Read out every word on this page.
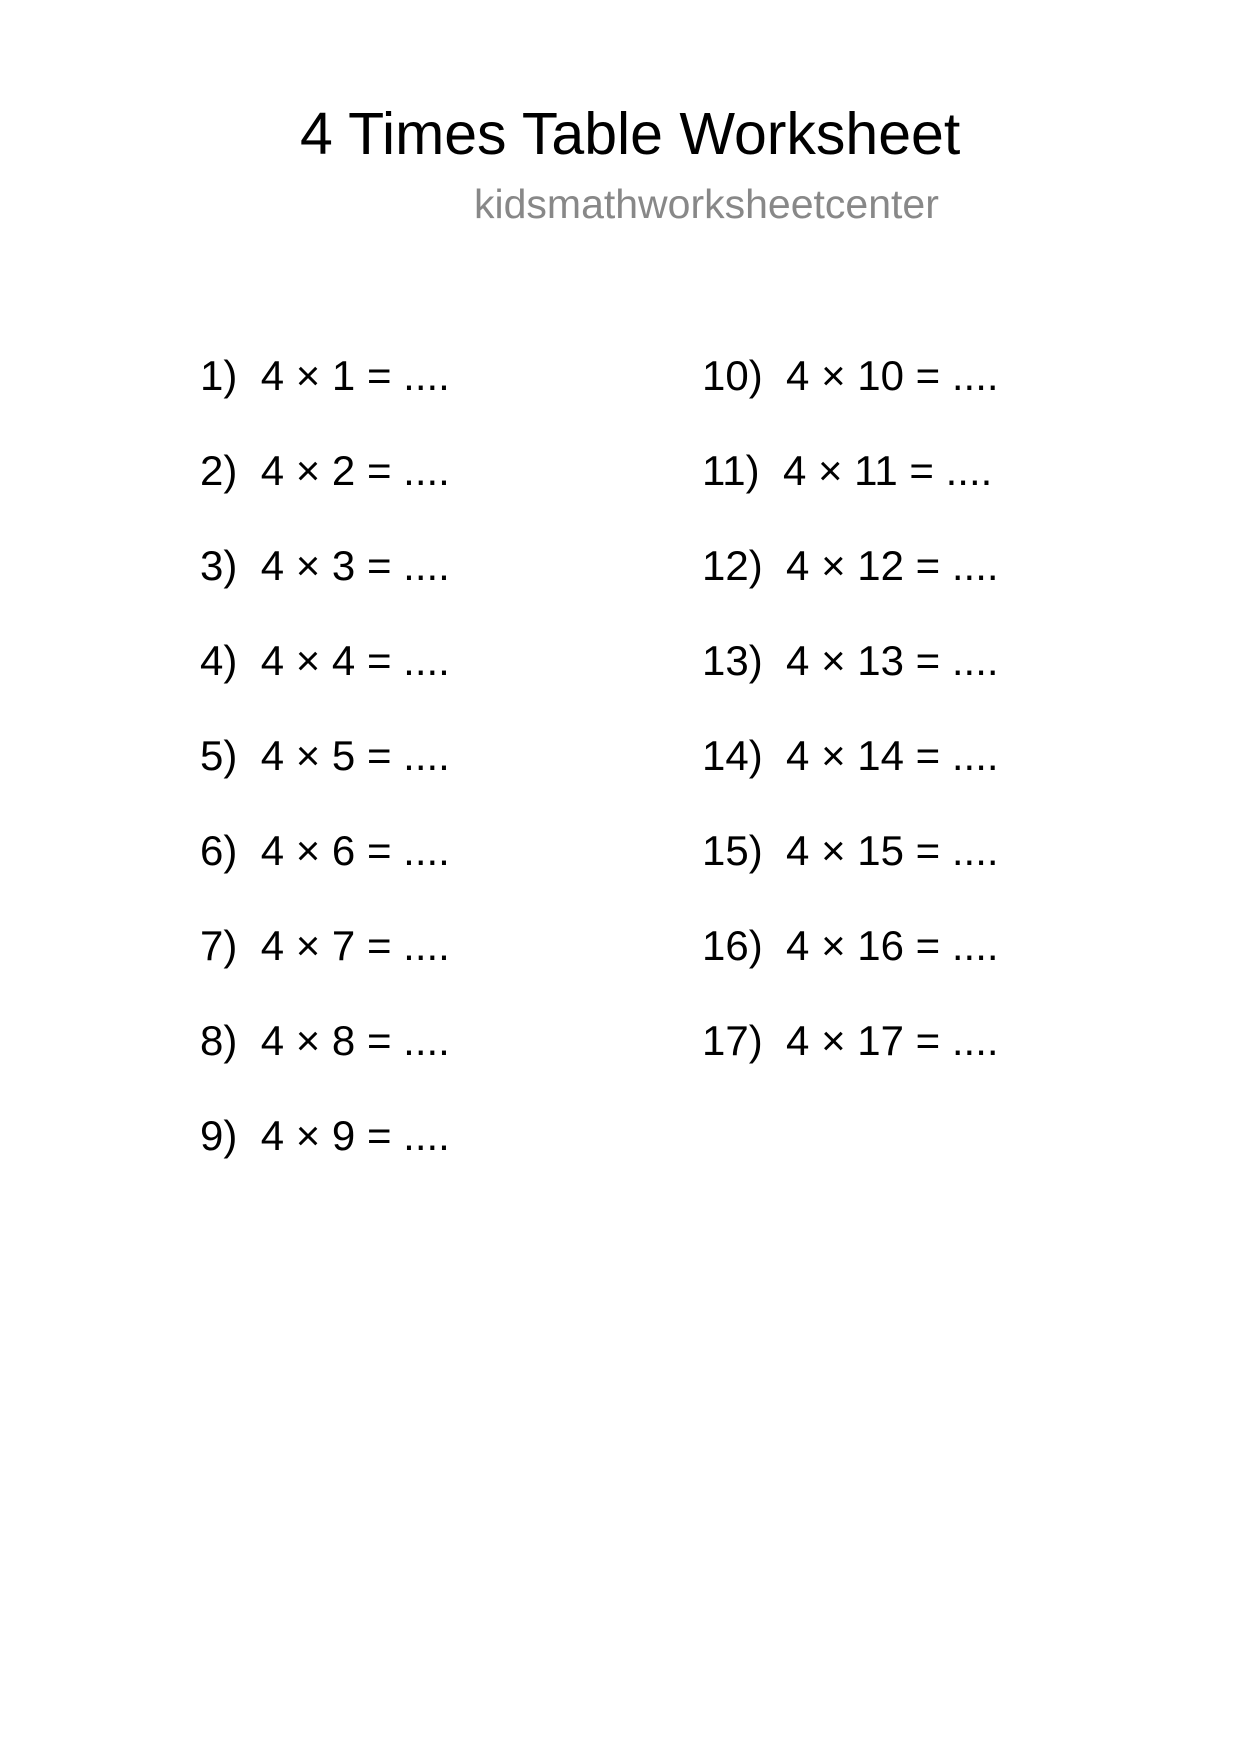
4 Times Table Worksheet
kidsmathworksheetcenter
1) 4 × 1 = ....
2) 4 × 2 = ....
3) 4 × 3 = ....
4) 4 × 4 = ....
5) 4 × 5 = ....
6) 4 × 6 = ....
7) 4 × 7 = ....
8) 4 × 8 = ....
9) 4 × 9 = ....
10) 4 × 10 = ....
11) 4 × 11 = ....
12) 4 × 12 = ....
13) 4 × 13 = ....
14) 4 × 14 = ....
15) 4 × 15 = ....
16) 4 × 16 = ....
17) 4 × 17 = ....
